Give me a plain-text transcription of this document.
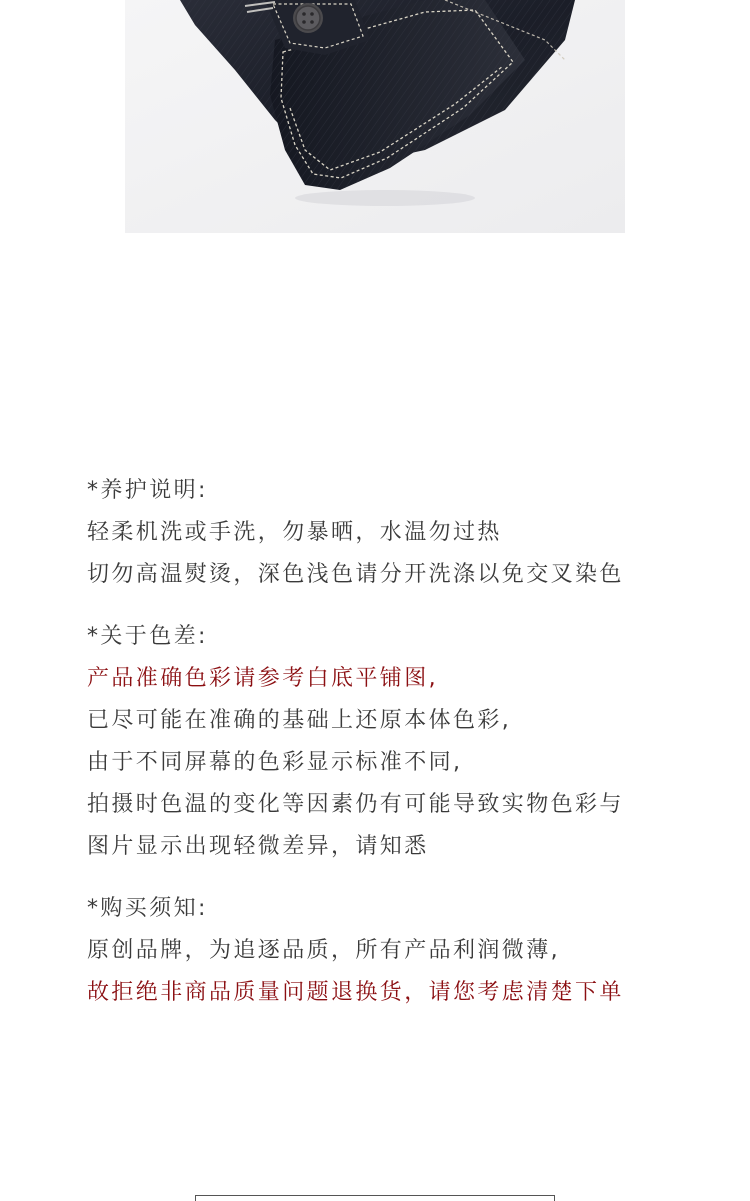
*养护说明:
轻柔机洗或手洗，勿暴晒，水温勿过热
切勿高温熨烫，深色浅色请分开洗涤以免交叉染色
*关于色差:
产品准确色彩请参考白底平铺图,
已尽可能在准确的基础上还原本体色彩,
由于不同屏幕的色彩显示标准不同,
拍摄时色温的变化等因素仍有可能导致实物色彩与
图片显示出现轻微差异，请知悉
*购买须知:
原创品牌，为追逐品质，所有产品利润微薄,
故拒绝非商品质量问题退换货，请您考虑清楚下单
